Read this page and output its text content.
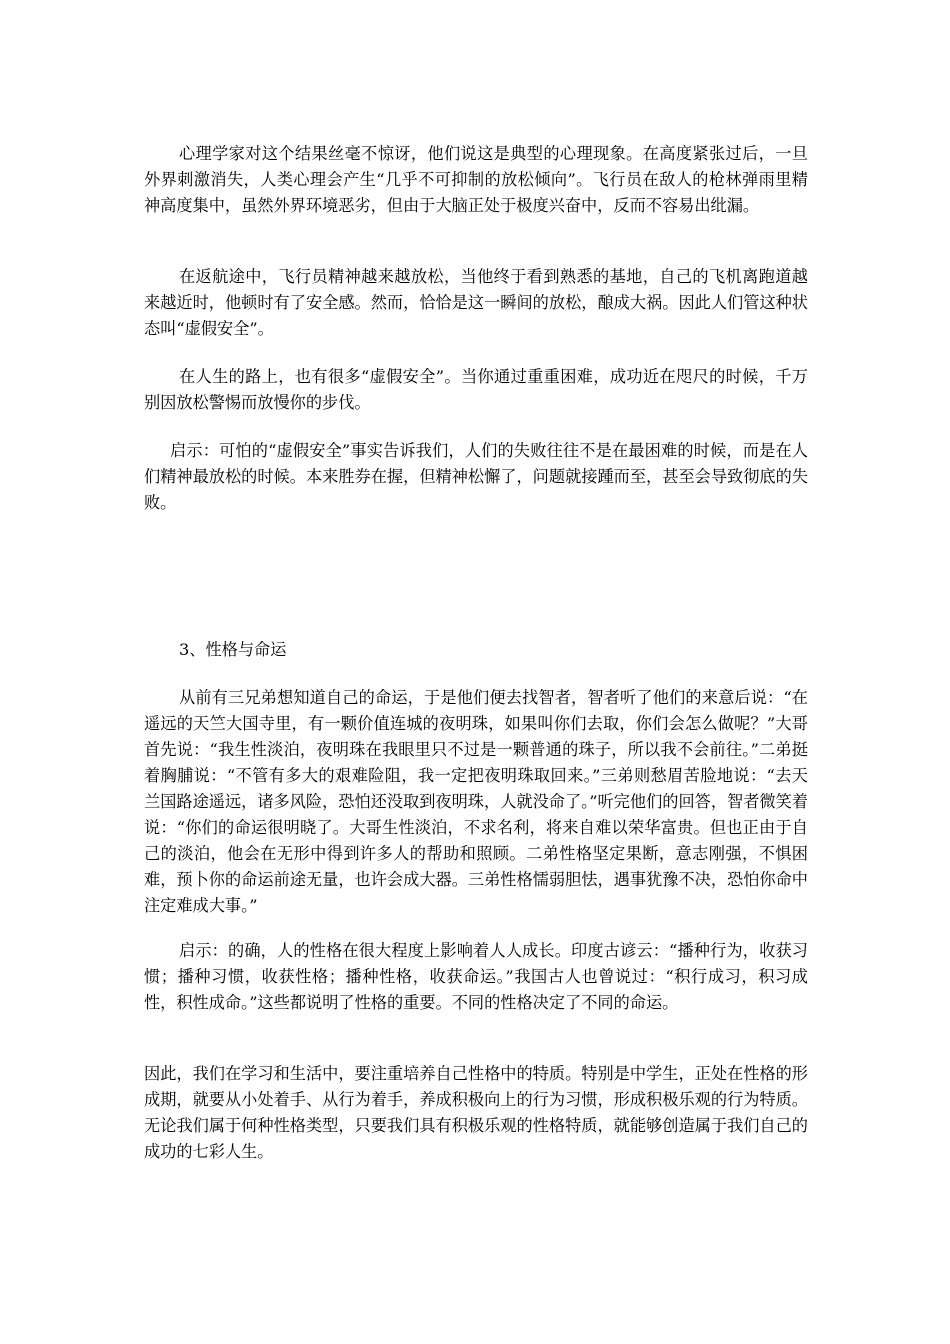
心理学家对这个结果丝毫不惊讶，他们说这是典型的心理现象。在高度紧张过后，一旦外界刺激消失，人类心理会产生“几乎不可抑制的放松倾向”。飞行员在敌人的枪林弹雨里精神高度集中，虽然外界环境恶劣，但由于大脑正处于极度兴奋中，反而不容易出纰漏。

在返航途中，飞行员精神越来越放松，当他终于看到熟悉的基地，自己的飞机离跑道越来越近时，他顿时有了安全感。然而，恰恰是这一瞬间的放松，酿成大祸。因此人们管这种状态叫“虚假安全”。

在人生的路上，也有很多“虚假安全”。当你通过重重困难，成功近在咫尺的时候，千万别因放松警惕而放慢你的步伐。

启示：可怕的“虚假安全”事实告诉我们，人们的失败往往不是在最困难的时候，而是在人们精神最放松的时候。本来胜券在握，但精神松懈了，问题就接踵而至，甚至会导致彻底的失败。

3、性格与命运

从前有三兄弟想知道自己的命运，于是他们便去找智者，智者听了他们的来意后说：“在遥远的天竺大国寺里，有一颗价值连城的夜明珠，如果叫你们去取，你们会怎么做呢？”大哥首先说：“我生性淡泊，夜明珠在我眼里只不过是一颗普通的珠子，所以我不会前往。”二弟挺着胸脯说：“不管有多大的艰难险阻，我一定把夜明珠取回来。”三弟则愁眉苦脸地说：“去天兰国路途遥远，诸多风险，恐怕还没取到夜明珠，人就没命了。”听完他们的回答，智者微笑着说：“你们的命运很明晓了。大哥生性淡泊，不求名利，将来自难以荣华富贵。但也正由于自己的淡泊，他会在无形中得到许多人的帮助和照顾。二弟性格坚定果断，意志刚强，不惧困难，预卜你的命运前途无量，也许会成大器。三弟性格懦弱胆怯，遇事犹豫不决，恐怕你命中注定难成大事。”

启示：的确，人的性格在很大程度上影响着人人成长。印度古谚云：“播种行为，收获习惯；播种习惯，收获性格；播种性格，收获命运。”我国古人也曾说过：“积行成习，积习成性，积性成命。”这些都说明了性格的重要。不同的性格决定了不同的命运。

因此，我们在学习和生活中，要注重培养自己性格中的特质。特别是中学生，正处在性格的形成期，就要从小处着手、从行为着手，养成积极向上的行为习惯，形成积极乐观的行为特质。无论我们属于何种性格类型，只要我们具有积极乐观的性格特质，就能够创造属于我们自己的成功的七彩人生。
